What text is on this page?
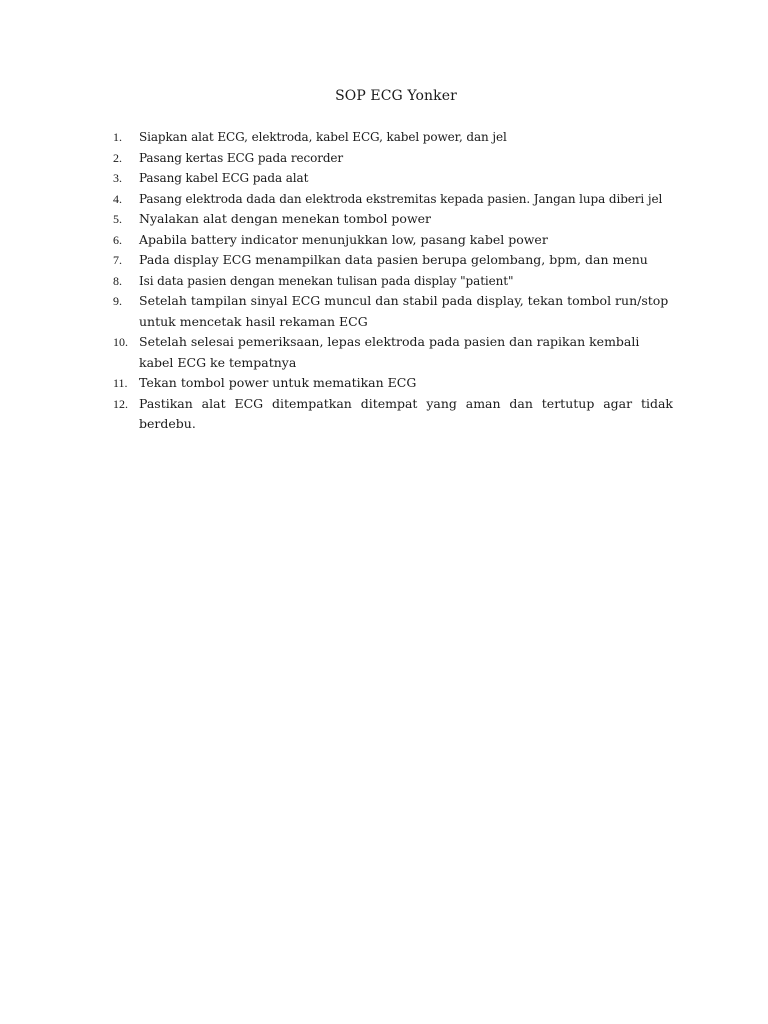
SOP ECG Yonker
1. Siapkan alat ECG, elektroda, kabel ECG, kabel power, dan jel
2. Pasang kertas ECG pada recorder
3. Pasang kabel ECG pada alat
4. Pasang elektroda dada dan elektroda ekstremitas kepada pasien. Jangan lupa diberi jel
5. Nyalakan alat dengan menekan tombol power
6. Apabila battery indicator menunjukkan low, pasang kabel power
7. Pada display ECG menampilkan data pasien berupa gelombang, bpm, dan menu
8. Isi data pasien dengan menekan tulisan pada display "patient"
9. Setelah tampilan sinyal ECG muncul dan stabil pada display, tekan tombol run/stop untuk mencetak hasil rekaman ECG
10. Setelah selesai pemeriksaan, lepas elektroda pada pasien dan rapikan kembali kabel ECG ke tempatnya
11. Tekan tombol power untuk mematikan ECG
12. Pastikan alat ECG ditempatkan ditempat yang aman dan tertutup agar tidak berdebu.
